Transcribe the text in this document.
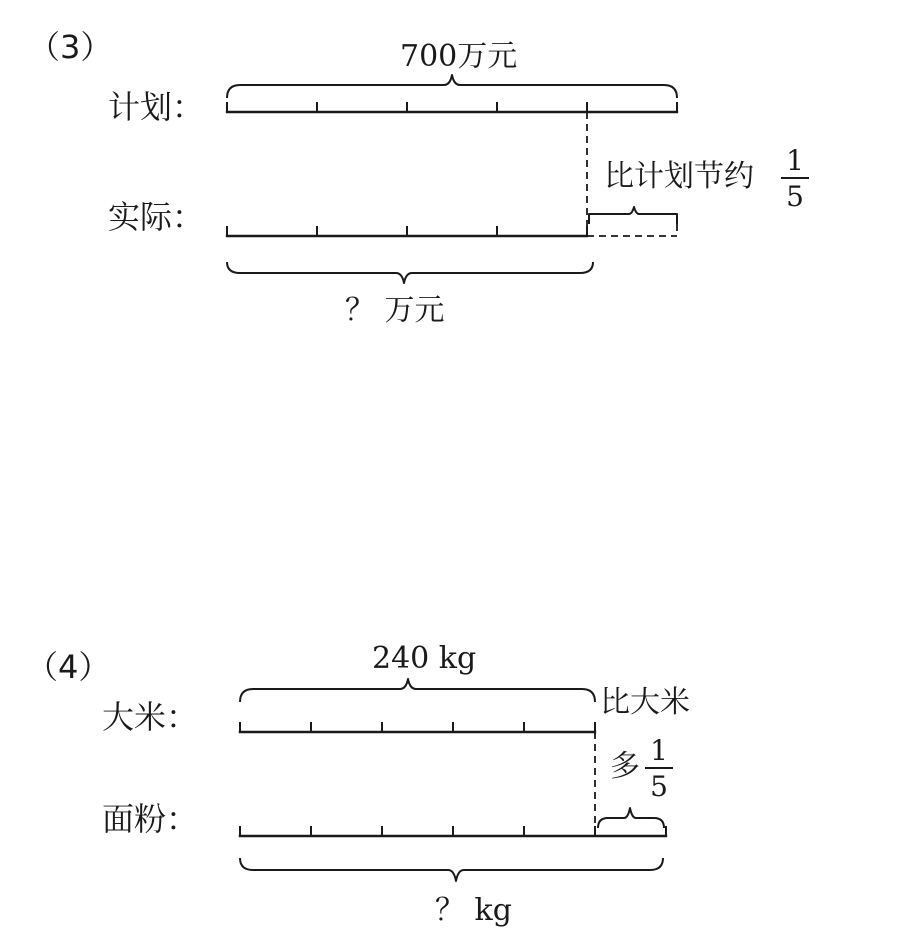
（3）	700万元
计划：
比计划节约 1
5
实际：
？ 万元
（4）	240 kg
比大米
大米：
多 1
5
面粉：
？ kg
